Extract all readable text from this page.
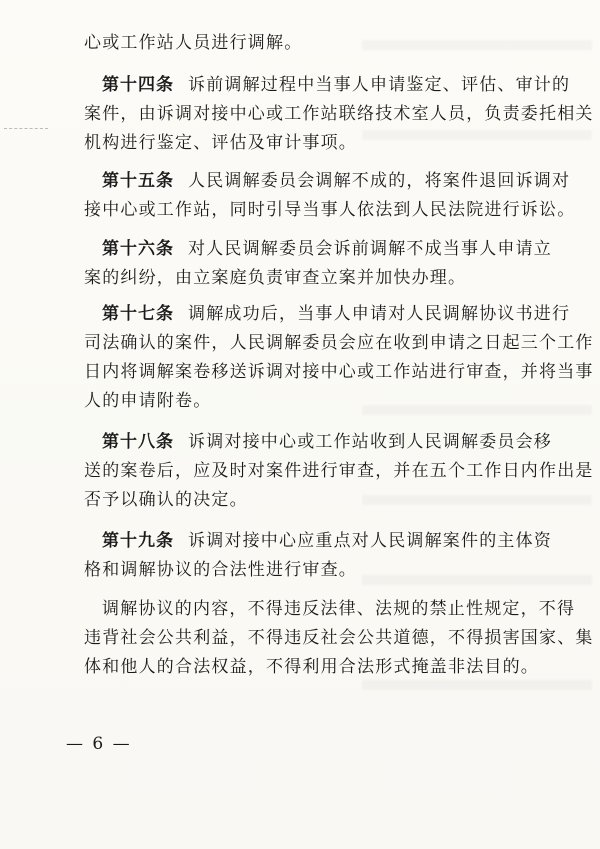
心或工作站人员进行调解。
第十四条 诉前调解过程中当事人申请鉴定、评估、审计的
案件，由诉调对接中心或工作站联络技术室人员，负责委托相关
机构进行鉴定、评估及审计事项。
第十五条 人民调解委员会调解不成的，将案件退回诉调对
接中心或工作站，同时引导当事人依法到人民法院进行诉讼。
第十六条 对人民调解委员会诉前调解不成当事人申请立
案的纠纷，由立案庭负责审查立案并加快办理。
第十七条 调解成功后，当事人申请对人民调解协议书进行
司法确认的案件，人民调解委员会应在收到申请之日起三个工作
日内将调解案卷移送诉调对接中心或工作站进行审查，并将当事
人的申请附卷。
第十八条 诉调对接中心或工作站收到人民调解委员会移
送的案卷后，应及时对案件进行审查，并在五个工作日内作出是
否予以确认的决定。
第十九条 诉调对接中心应重点对人民调解案件的主体资
格和调解协议的合法性进行审查。
调解协议的内容，不得违反法律、法规的禁止性规定，不得
违背社会公共利益，不得违反社会公共道德，不得损害国家、集
体和他人的合法权益，不得利用合法形式掩盖非法目的。
— 6 —
